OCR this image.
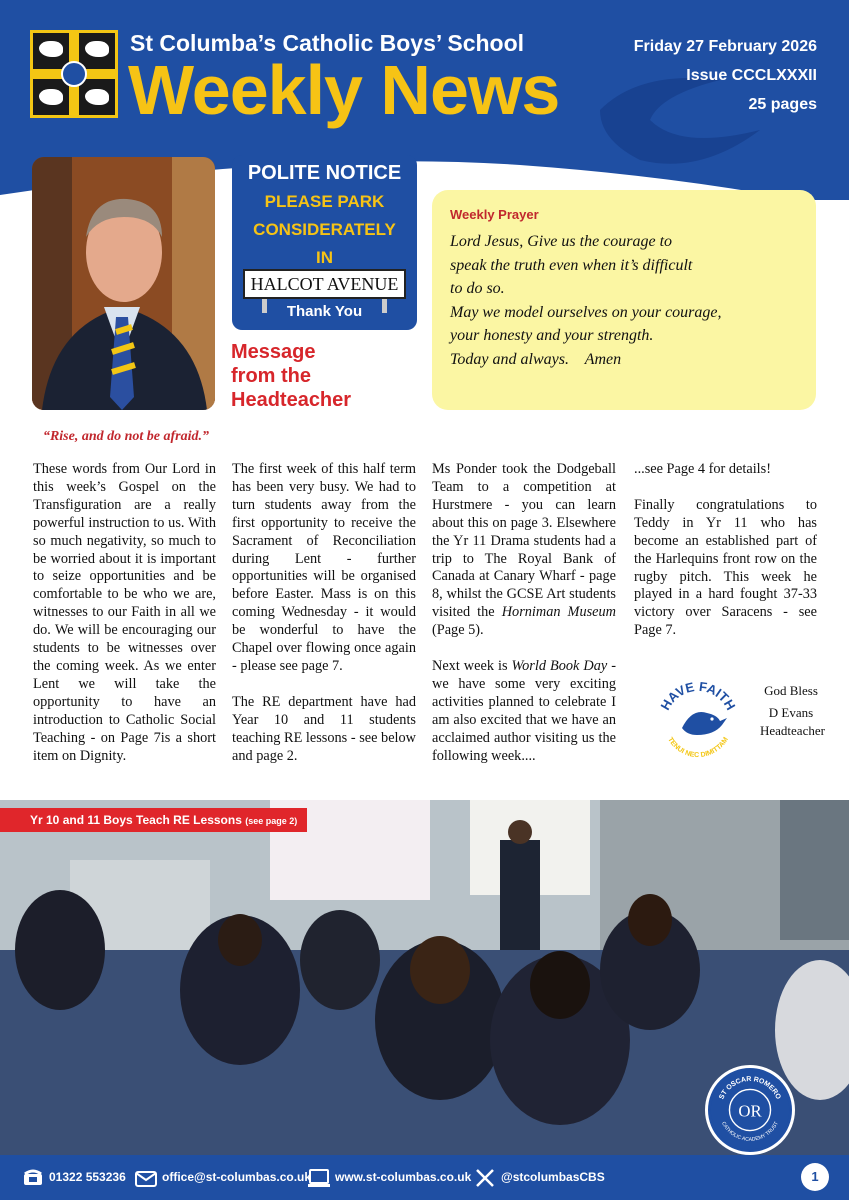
St Columba’s Catholic Boys’ School
Weekly News
Friday 27 February 2026
Issue CCCLXXXII
25 pages
POLITE NOTICE
PLEASE PARK
CONSIDERATELY
IN
HALCOT AVENUE
Thank You
Message
from the
Headteacher
Weekly Prayer
Lord Jesus, Give us the courage to
speak the truth even when it’s difficult
to do so.
May we model ourselves on your courage,
your honesty and your strength.
Today and always.    Amen
“Rise, and do not be afraid.”

These words from Our Lord in this week’s Gospel on the Transfiguration are a really powerful instruction to us. With so much negativity, so much to be worried about it is important to seize opportunities and be comfortable to be who we are, witnesses to our Faith in all we do. We will be encouraging our students to be witnesses over the coming week. As we enter Lent we will take the opportunity to have an introduction to Catholic Social Teaching - on Page 7is a short item on Dignity.

The first week of this half term has been very busy. We had to turn students away from the first opportunity to receive the Sacrament of Reconciliation during Lent - further opportunities will be organised before Easter. Mass is on this coming Wednesday - it would be wonderful to have the Chapel over flowing once again - please see page 7.

The RE department have had Year 10 and 11 students teaching RE lessons - see below and page 2.

Ms Ponder took the Dodgeball Team to a competition at Hurstmere - you can learn about this on page 3. Elsewhere the Yr 11 Drama students had a trip to The Royal Bank of Canada at Canary Wharf - page 8, whilst the GCSE Art students visited the Horniman Museum (Page 5).

Next week is World Book Day - we have some very exciting activities planned to celebrate I am also excited that we have an acclaimed author visiting us the following week....

...see Page 4 for details!

Finally congratulations to Teddy in Yr 11 who has become an established part of the Harlequins front row on the rugby pitch. This week he played in a hard fought 37-33 victory over Saracens - see Page 7.

HAVE FAITH
TENUI NEC DIMITTAM
God Bless
D Evans
Headteacher
Yr 10 and 11 Boys Teach RE Lessons (see page 2)
ST OSCAR ROMERO
CATHOLIC ACADEMY TRUST
OR
01322 553236	office@st-columbas.co.uk www.st-columbas.co.uk @stcolumbasCBS	1
